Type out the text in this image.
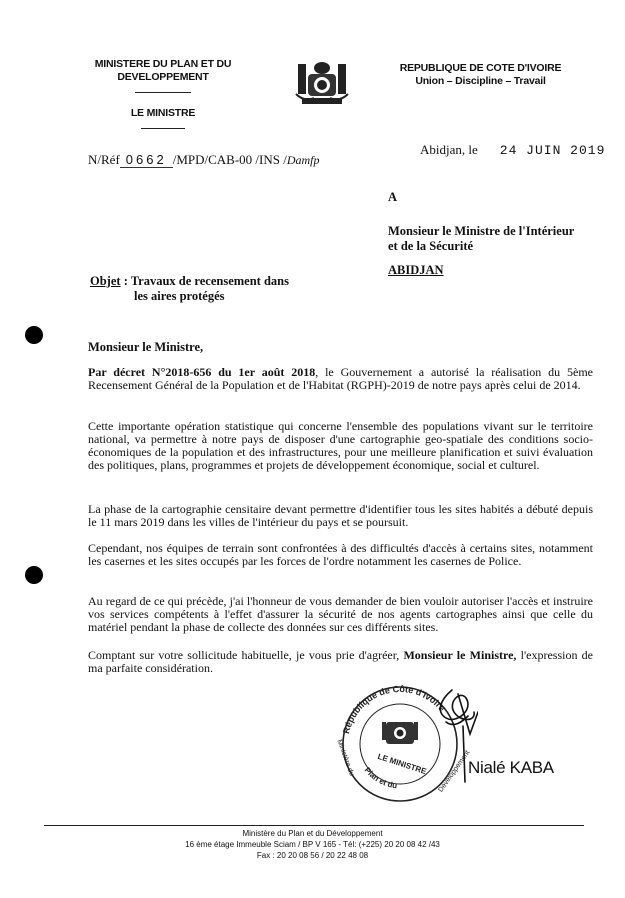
MINISTERE DU PLAN ET DU
DEVELOPPEMENT
LE MINISTRE
REPUBLIQUE DE COTE D'IVOIRE
Union – Discipline – Travail
N/Réf 0662 /MPD/CAB-00 /INS /Damfp
Abidjan, le 24 JUIN 2019
A
Monsieur le Ministre de l'Intérieur
et de la Sécurité
ABIDJAN
Objet : Travaux de recensement dans
les aires protégés
Monsieur le Ministre,
Par décret N°2018-656 du 1er août 2018, le Gouvernement a autorisé la réalisation du 5ème Recensement Général de la Population et de l'Habitat (RGPH)-2019 de notre pays après celui de 2014.
Cette importante opération statistique qui concerne l'ensemble des populations vivant sur le territoire national, va permettre à notre pays de disposer d'une cartographie geo-spatiale des conditions socio-économiques de la population et des infrastructures, pour une meilleure planification et suivi évaluation des politiques, plans, programmes et projets de développement économique, social et culturel.
La phase de la cartographie censitaire devant permettre d'identifier tous les sites habités a débuté depuis le 11 mars 2019 dans les villes de l'intérieur du pays et se poursuit.
Cependant, nos équipes de terrain sont confrontées à des difficultés d'accès à certains sites, notamment les casernes et les sites occupés par les forces de l'ordre notamment les casernes de Police.
Au regard de ce qui précède, j'ai l'honneur de vous demander de bien vouloir autoriser l'accès et instruire vos services compétents à l'effet d'assurer la sécurité de nos agents cartographes ainsi que celle du matériel pendant la phase de collecte des données sur ces différents sites.
Comptant sur votre sollicitude habituelle, je vous prie d'agréer, Monsieur le Ministre, l'expression de ma parfaite considération.
République de Côte d'Ivoire
Plan et du
Ministère du	Développement
LE MINISTRE Nialé KABA
Ministère du Plan et du Développement
16 ème étage Immeuble Sciam / BP V 165 - Tél: (+225) 20 20 08 42 /43
Fax : 20 20 08 56 / 20 22 48 08
